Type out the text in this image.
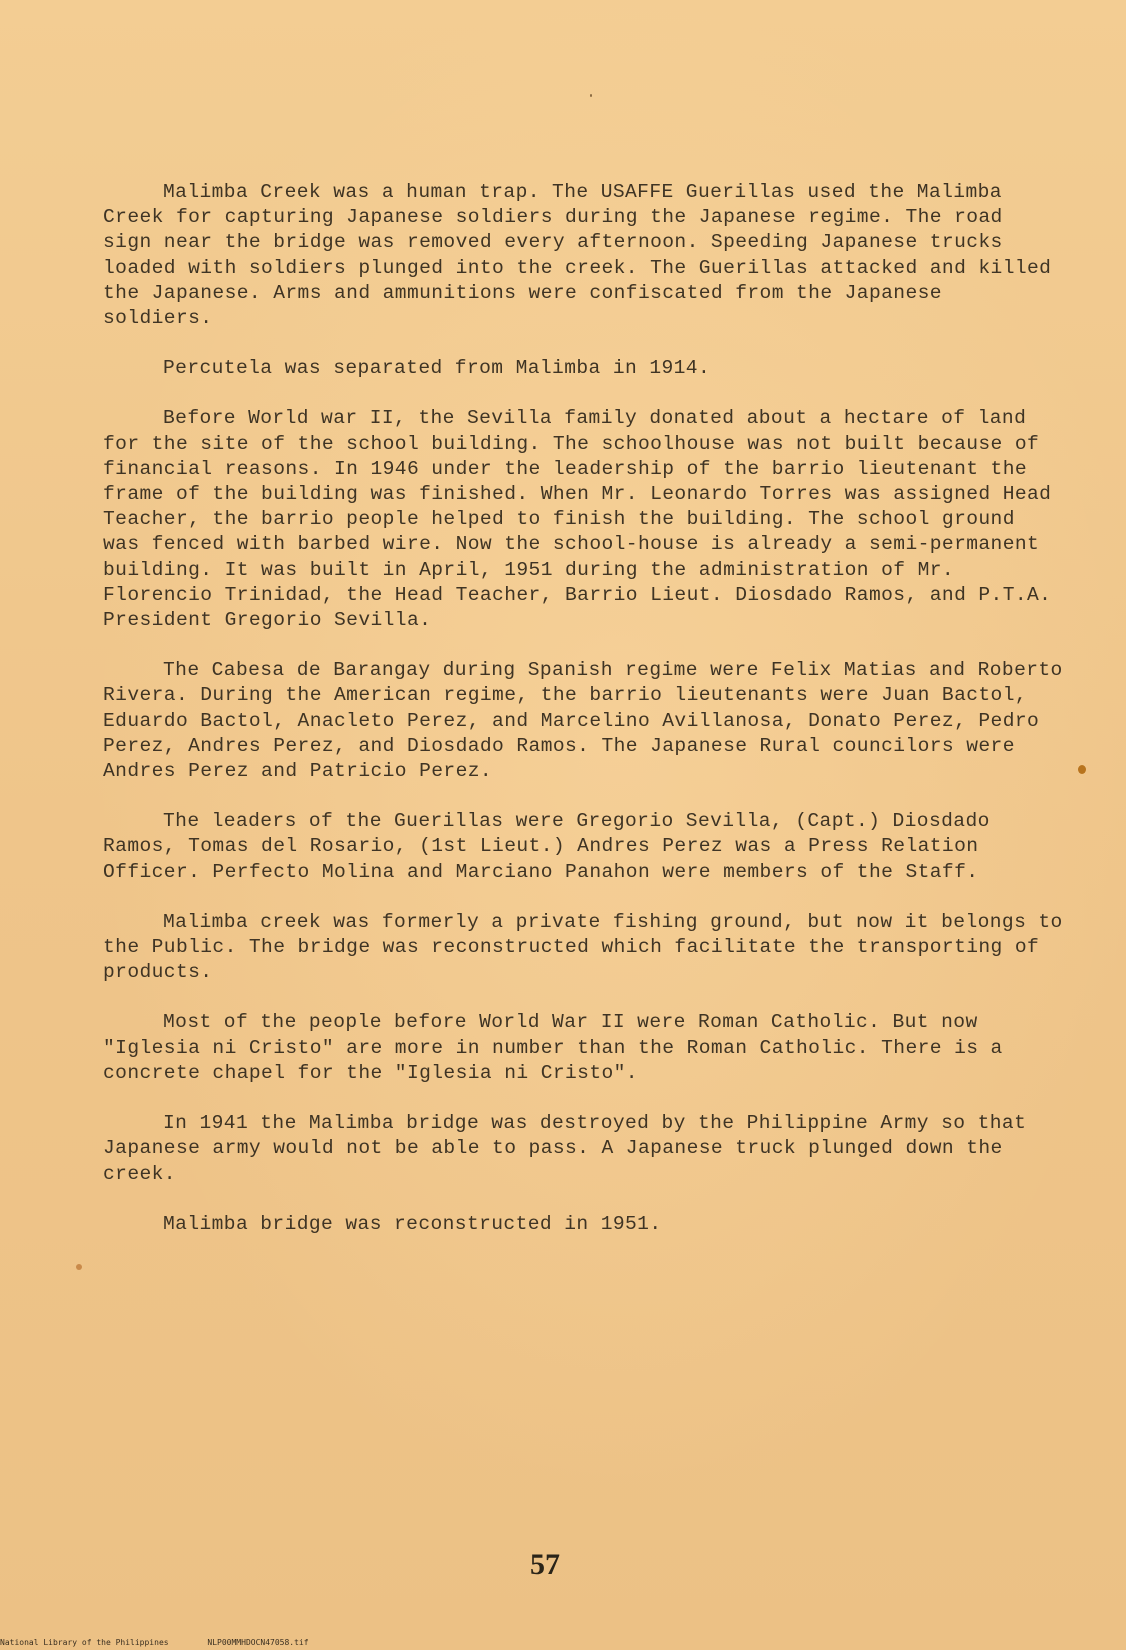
Malimba Creek was a human trap. The USAFFE Guerillas used the Malimba Creek for capturing Japanese soldiers during the Japanese regime. The road sign near the bridge was removed every afternoon. Speeding Japanese trucks loaded with soldiers plunged into the creek. The Guerillas attacked and killed the Japanese. Arms and ammunitions were confiscated from the Japanese soldiers.

Percutela was separated from Malimba in 1914.

Before World war II, the Sevilla family donated about a hectare of land for the site of the school building. The schoolhouse was not built because of financial reasons. In 1946 under the leadership of the barrio lieutenant the frame of the building was finished. When Mr. Leonardo Torres was assigned Head Teacher, the barrio people helped to finish the building. The school ground was fenced with barbed wire. Now the school-house is already a semi-permanent building. It was built in April, 1951 during the administration of Mr. Florencio Trinidad, the Head Teacher, Barrio Lieut. Diosdado Ramos, and P.T.A. President Gregorio Sevilla.

The Cabesa de Barangay during Spanish regime were Felix Matias and Roberto Rivera. During the American regime, the barrio lieutenants were Juan Bactol, Eduardo Bactol, Anacleto Perez, and Marcelino Avillanosa, Donato Perez, Pedro Perez, Andres Perez, and Diosdado Ramos. The Japanese Rural councilors were Andres Perez and Patricio Perez.

The leaders of the Guerillas were Gregorio Sevilla, (Capt.) Diosdado Ramos, Tomas del Rosario, (1st Lieut.) Andres Perez was a Press Relation Officer. Perfecto Molina and Marciano Panahon were members of the Staff.

Malimba creek was formerly a private fishing ground, but now it belongs to the Public. The bridge was reconstructed which facilitate the transporting of products.

Most of the people before World War II were Roman Catholic. But now "Iglesia ni Cristo" are more in number than the Roman Catholic. There is a concrete chapel for the "Iglesia ni Cristo".

In 1941 the Malimba bridge was destroyed by the Philippine Army so that Japanese army would not be able to pass. A Japanese truck plunged down the creek.

Malimba bridge was reconstructed in 1951.

57
National Library of the Philippines	NLP00MMHDOCN47058.tif
